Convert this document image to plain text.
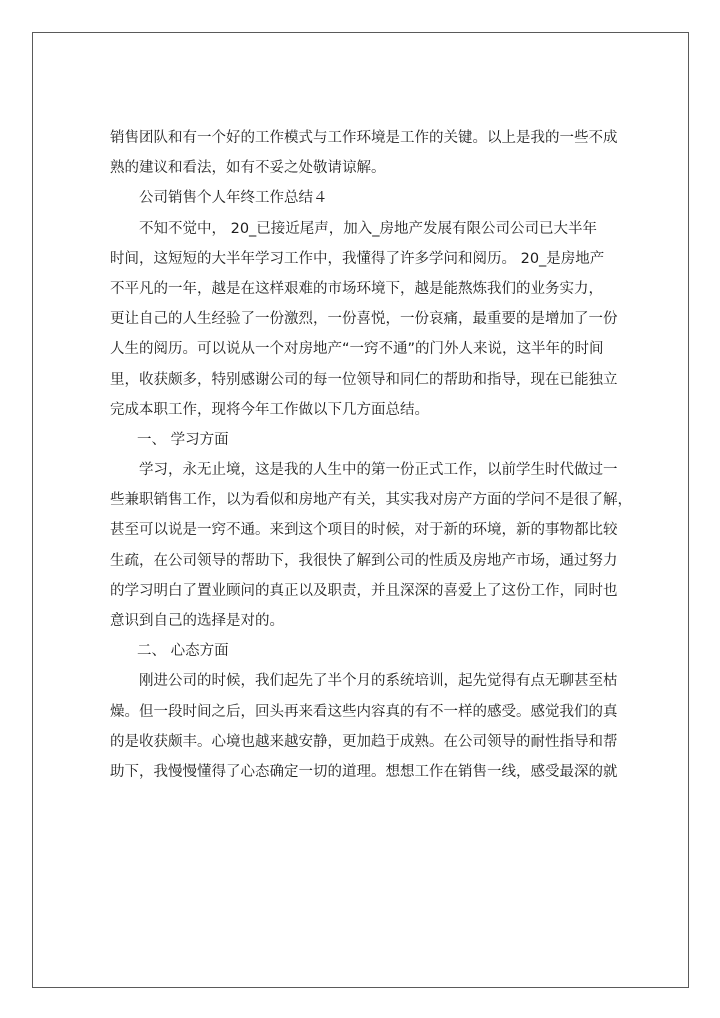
销售团队和有一个好的工作模式与工作环境是工作的关键。以上是我的一些不成
熟的建议和看法，如有不妥之处敬请谅解。
公司销售个人年终工作总结４
不知不觉中， 20_已接近尾声，加入_房地产发展有限公司公司已大半年
时间，这短短的大半年学习工作中，我懂得了许多学问和阅历。 20_是房地产
不平凡的一年，越是在这样艰难的市场环境下，越是能熬炼我们的业务实力，
更让自己的人生经验了一份激烈，一份喜悦，一份哀痛，最重要的是增加了一份
人生的阅历。可以说从一个对房地产“一窍不通”的门外人来说，这半年的时间
里，收获颇多，特别感谢公司的每一位领导和同仁的帮助和指导，现在已能独立
完成本职工作，现将今年工作做以下几方面总结。
一、 学习方面
学习，永无止境，这是我的人生中的第一份正式工作，以前学生时代做过一
些兼职销售工作，以为看似和房地产有关，其实我对房产方面的学问不是很了解，
甚至可以说是一窍不通。来到这个项目的时候，对于新的环境，新的事物都比较
生疏，在公司领导的帮助下，我很快了解到公司的性质及房地产市场，通过努力
的学习明白了置业顾问的真正以及职责，并且深深的喜爱上了这份工作，同时也
意识到自己的选择是对的。
二、 心态方面
刚进公司的时候，我们起先了半个月的系统培训，起先觉得有点无聊甚至枯
燥。但一段时间之后，回头再来看这些内容真的有不一样的感受。感觉我们的真
的是收获颇丰。心境也越来越安静，更加趋于成熟。在公司领导的耐性指导和帮
助下，我慢慢懂得了心态确定一切的道理。想想工作在销售一线，感受最深的就
